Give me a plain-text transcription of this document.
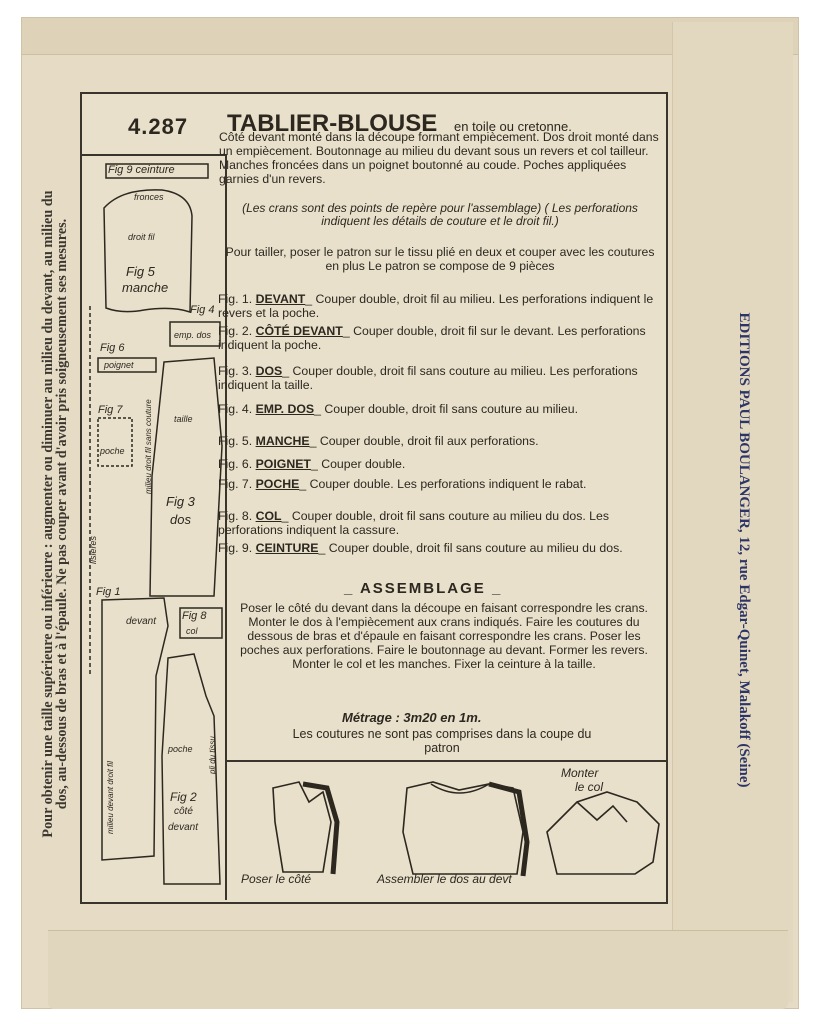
Pour obtenir une taille supérieure ou inférieure : augmenter ou diminuer au milieu du devant, au milieu du
dos, au-dessous de bras et à l'épaule. Ne pas couper avant d'avoir pris soigneusement ses mesures.	EDITIONS PAUL BOULANGER, 12, rue Edgar-Quinet, Malakoff (Seine)
4.287 TABLIER-BLOUSE en toile ou cretonne.
Côté devant monté dans la découpe formant empiècement. Dos droit monté dans un empiècement. Boutonnage au milieu du devant sous un revers et col tailleur. Manches froncées dans un poignet boutonné au coude. Poches appliquées garnies d'un revers.
(Les crans sont des points de repère pour l'assemblage) ( Les perforations indiquent les détails de couture et le droit fil.)
Pour tailler, poser le patron sur le tissu plié en deux et couper avec les coutures en plus Le patron se compose de 9 pièces
Fig. 1. DEVANT_ Couper double, droit fil au milieu. Les perforations indiquent le revers et la poche.
Fig. 2. CÔTÉ DEVANT_ Couper double, droit fil sur le devant. Les perforations indiquent la poche.
Fig. 3. DOS_ Couper double, droit fil sans couture au milieu. Les perforations indiquent la taille.
Fig. 4. EMP. DOS_ Couper double, droit fil sans couture au milieu.
Fig. 5. MANCHE_ Couper double, droit fil aux perforations.
Fig. 6. POIGNET_ Couper double.
Fig. 7. POCHE_ Couper double. Les perforations indiquent le rabat.
Fig. 8. COL_ Couper double, droit fil sans couture au milieu du dos. Les perforations indiquent la cassure.
Fig. 9. CEINTURE_ Couper double, droit fil sans couture au milieu du dos.
_ ASSEMBLAGE _
Poser le côté du devant dans la découpe en faisant correspondre les crans. Monter le dos à l'empiècement aux crans indiqués. Faire les coutures du dessous de bras et d'épaule en faisant correspondre les crans. Poser les poches aux perforations. Faire le boutonnage au devant. Former les revers. Monter le col et les manches. Fixer la ceinture à la taille.
Métrage : 3m20 en 1m.
Les coutures ne sont pas comprises dans la coupe du patron
Fig 9 ceinture
Fig 5
manche
fronces
droit fil
Fig 4
emp. dos
Fig 6
poignet
Fig 7
poche
Fig 3
dos
taille
milieu droit fil sans couture
lisières
Fig 1
devant
milieu devant droit fil
Fig 8
col
Fig 2
côté
devant
poche pli du tissu
Poser le côté	Assembler le dos au devt
Monter
le col
